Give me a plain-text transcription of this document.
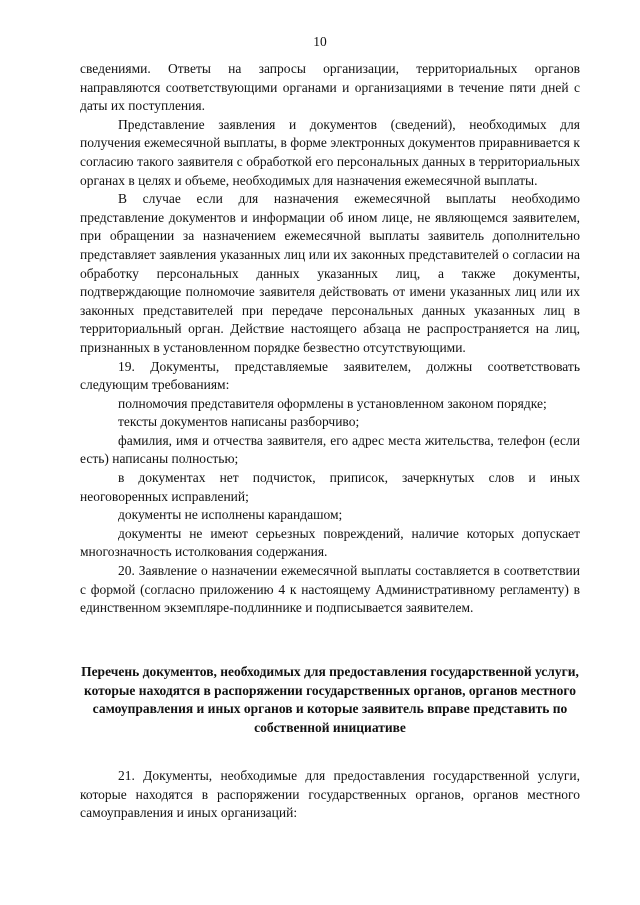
10

сведениями. Ответы на запросы организации, территориальных органов направляются соответствующими органами и организациями в течение пяти дней с даты их поступления.

Представление заявления и документов (сведений), необходимых для получения ежемесячной выплаты, в форме электронных документов приравнивается к согласию такого заявителя с обработкой его персональных данных в территориальных органах в целях и объеме, необходимых для назначения ежемесячной выплаты.

В случае если для назначения ежемесячной выплаты необходимо представление документов и информации об ином лице, не являющемся заявителем, при обращении за назначением ежемесячной выплаты заявитель дополнительно представляет заявления указанных лиц или их законных представителей о согласии на обработку персональных данных указанных лиц, а также документы, подтверждающие полномочие заявителя действовать от имени указанных лиц или их законных представителей при передаче персональных данных указанных лиц в территориальный орган. Действие настоящего абзаца не распространяется на лиц, признанных в установленном порядке безвестно отсутствующими.

19. Документы, представляемые заявителем, должны соответствовать следующим требованиям:

полномочия представителя оформлены в установленном законом порядке;

тексты документов написаны разборчиво;

фамилия, имя и отчества заявителя, его адрес места жительства, телефон (если есть) написаны полностью;

в документах нет подчисток, приписок, зачеркнутых слов и иных неоговоренных исправлений;

документы не исполнены карандашом;

документы не имеют серьезных повреждений, наличие которых допускает многозначность истолкования содержания.

20. Заявление о назначении ежемесячной выплаты составляется в соответствии с формой (согласно приложению 4 к настоящему Административному регламенту) в единственном экземпляре-подлиннике и подписывается заявителем.

Перечень документов, необходимых для предоставления государственной услуги, которые находятся в распоряжении государственных органов, органов местного самоуправления и иных органов и которые заявитель вправе представить по собственной инициативе

21. Документы, необходимые для предоставления государственной услуги, которые находятся в распоряжении государственных органов, органов местного самоуправления и иных организаций:
